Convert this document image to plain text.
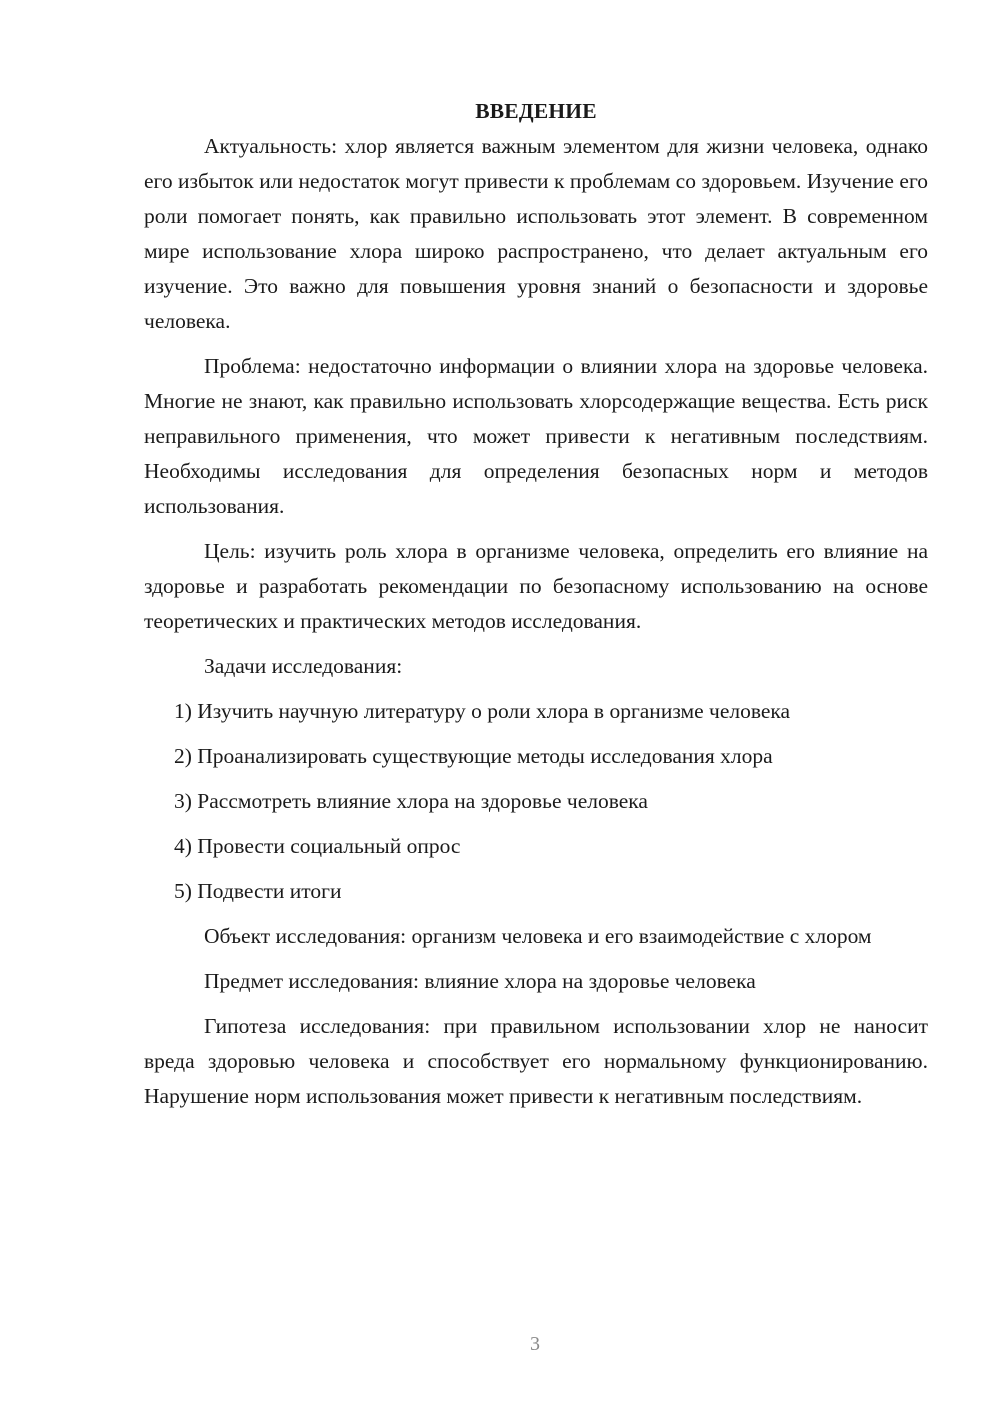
ВВЕДЕНИЕ

Актуальность: хлор является важным элементом для жизни человека, однако его избыток или недостаток могут привести к проблемам со здоровьем. Изучение его роли помогает понять, как правильно использовать этот элемент. В современном мире использование хлора широко распространено, что делает актуальным его изучение. Это важно для повышения уровня знаний о безопасности и здоровье человека.

Проблема: недостаточно информации о влиянии хлора на здоровье человека. Многие не знают, как правильно использовать хлорсодержащие вещества. Есть риск неправильного применения, что может привести к негативным последствиям. Необходимы исследования для определения безопасных норм и методов использования.

Цель: изучить роль хлора в организме человека, определить его влияние на здоровье и разработать рекомендации по безопасному использованию на основе теоретических и практических методов исследования.

Задачи исследования:
1) Изучить научную литературу о роли хлора в организме человека
2) Проанализировать существующие методы исследования хлора
3) Рассмотреть влияние хлора на здоровье человека
4) Провести социальный опрос
5) Подвести итоги

Объект исследования: организм человека и его взаимодействие с хлором

Предмет исследования: влияние хлора на здоровье человека

Гипотеза исследования: при правильном использовании хлор не наносит вреда здоровью человека и способствует его нормальному функционированию. Нарушение норм использования может привести к негативным последствиям.

3
